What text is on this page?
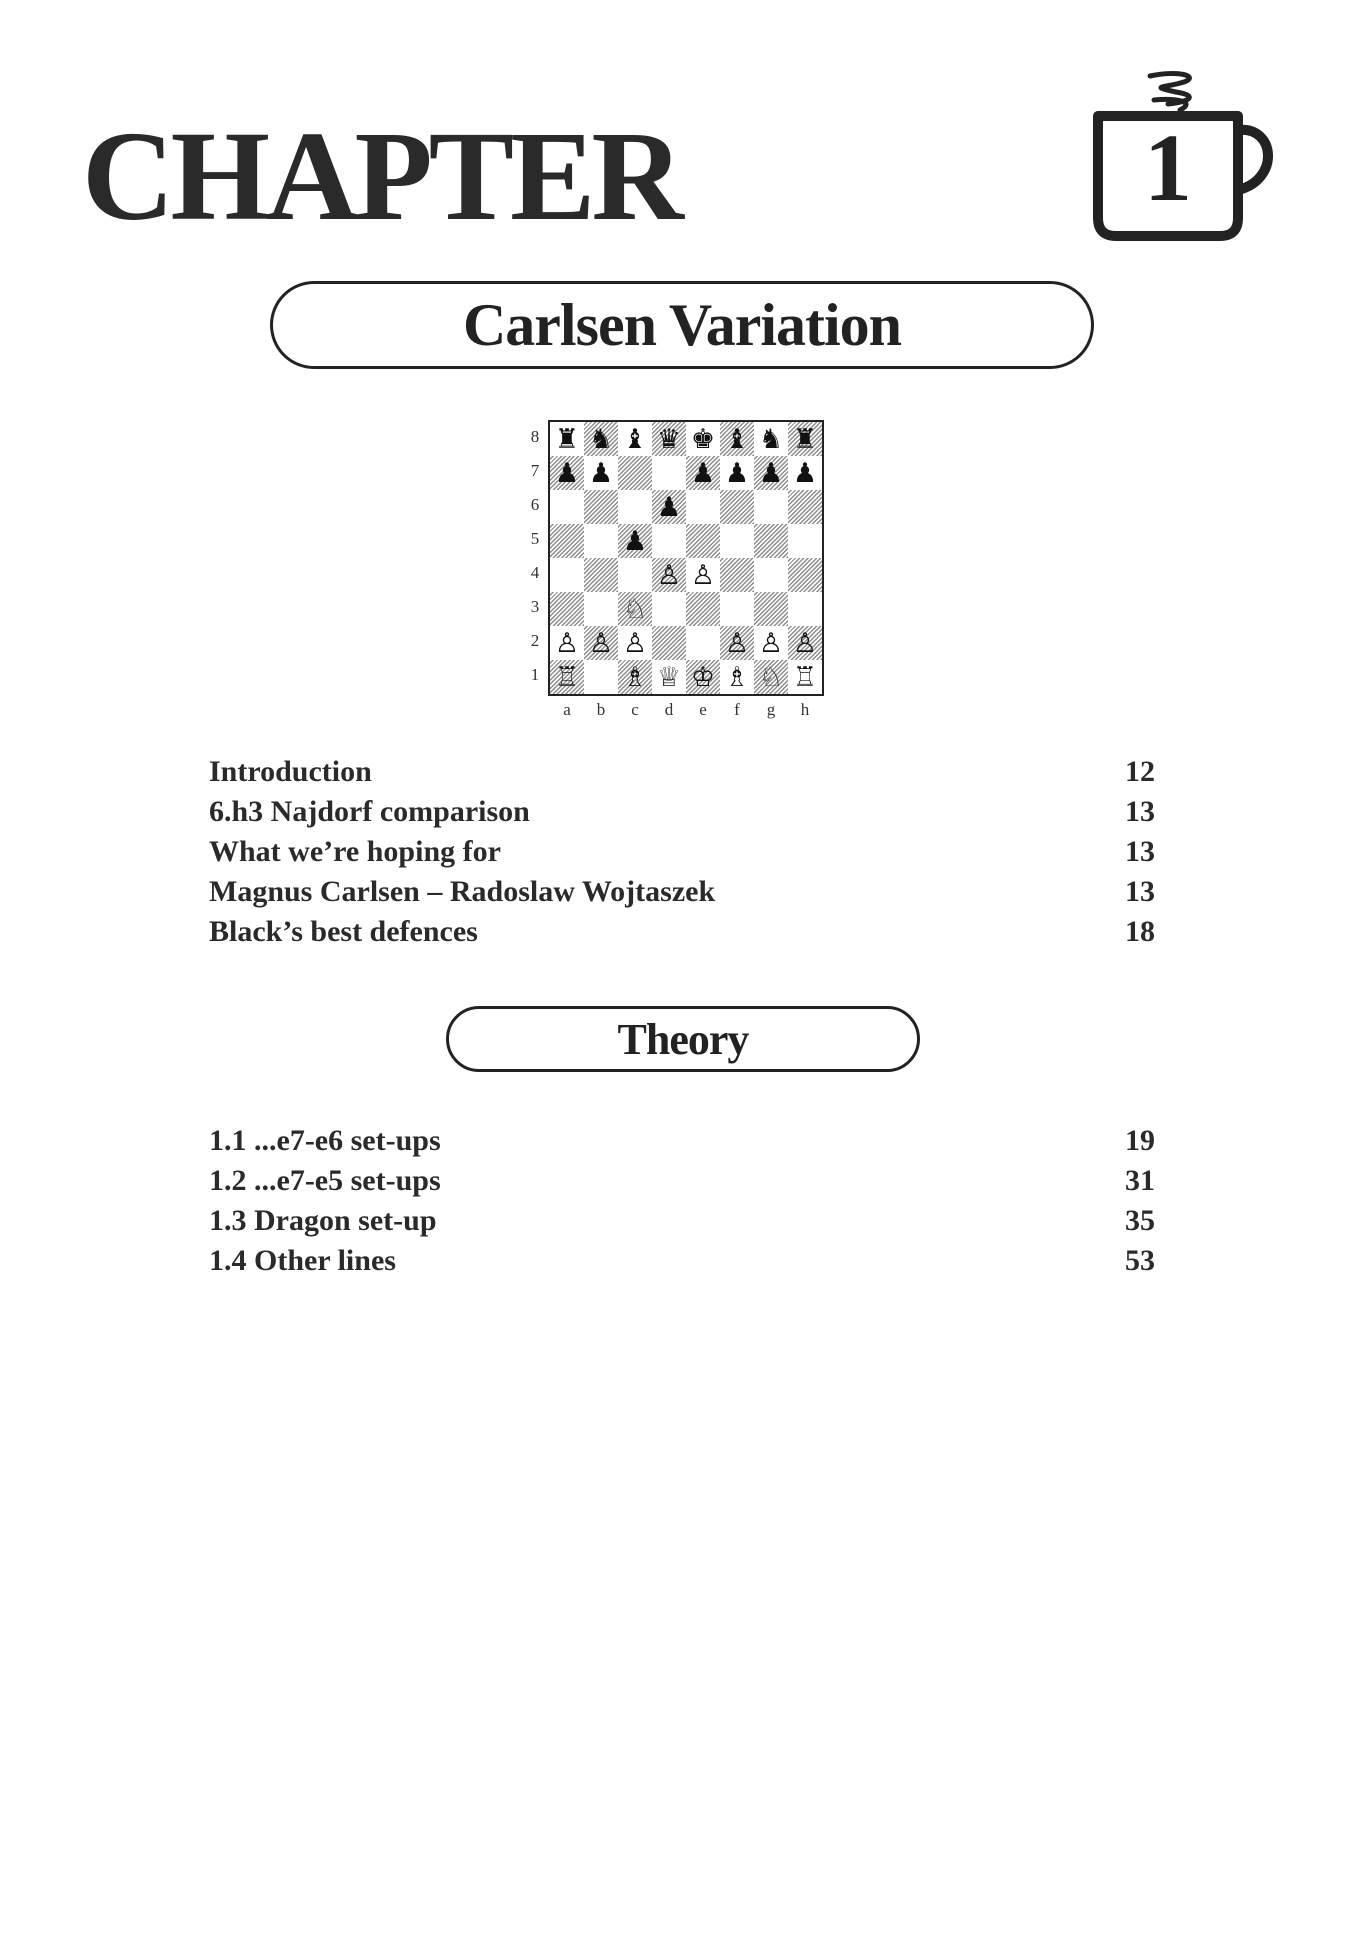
CHAPTER	1
Carlsen Variation
8
7
6
5
4
3
2
1
♜ ♞ ♝ ♛ ♚ ♝ ♞ ♜
♟ ♟	♟ ♟ ♟ ♟
♟
♟
♙ ♙
♘
♙ ♙ ♙	♙ ♙ ♙
♖ ♗ ♕ ♔ ♗ ♘ ♖
a	b	c	d	e	f	g	h
Introduction	12
6.h3 Najdorf comparison	13
What we’re hoping for	13
Magnus Carlsen – Radoslaw Wojtaszek	13
Black’s best defences	18
Theory
1.1 ...e7-e6 set-ups	19
1.2 ...e7-e5 set-ups	31
1.3 Dragon set-up	35
1.4 Other lines	53
